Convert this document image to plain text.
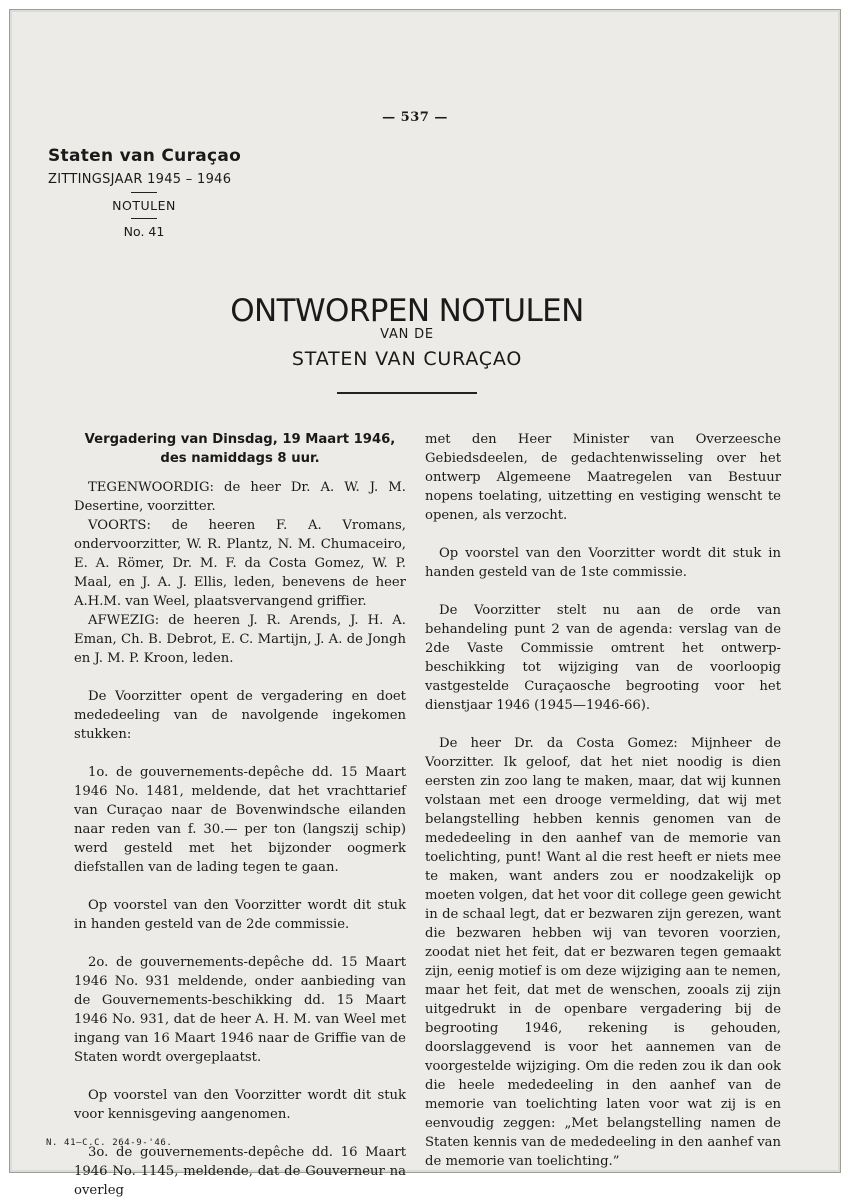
— 537 —
Staten van Curaçao
ZITTINGSJAAR 1945 – 1946
NOTULEN
No. 41
ONTWORPEN NOTULEN
VAN DE
STATEN VAN CURAÇAO
Vergadering van Dinsdag, 19 Maart 1946,
des namiddags 8 uur.

TEGENWOORDIG: de heer Dr. A. W. J. M. Desertine, voorzitter.

VOORTS: de heeren F. A. Vromans, ondervoorzitter, W. R. Plantz, N. M. Chumaceiro, E. A. Römer, Dr. M. F. da Costa Gomez, W. P. Maal, en J. A. J. Ellis, leden, benevens de heer A.H.M. van Weel, plaatsvervangend griffier.

AFWEZIG: de heeren J. R. Arends, J. H. A. Eman, Ch. B. Debrot, E. C. Martijn, J. A. de Jongh en J. M. P. Kroon, leden.

De Voorzitter opent de vergadering en doet mededeeling van de navolgende ingekomen stukken:

1o. de gouvernements-depêche dd. 15 Maart 1946 No. 1481, meldende, dat het vrachttarief van Curaçao naar de Bovenwindsche eilanden naar reden van f. 30.— per ton (langszij schip) werd gesteld met het bijzonder oogmerk diefstallen van de lading tegen te gaan.

Op voorstel van den Voorzitter wordt dit stuk in handen gesteld van de 2de commissie.

2o. de gouvernements-depêche dd. 15 Maart 1946 No. 931 meldende, onder aanbieding van de Gouvernements-beschikking dd. 15 Maart 1946 No. 931, dat de heer A. H. M. van Weel met ingang van 16 Maart 1946 naar de Griffie van de Staten wordt overgeplaatst.

Op voorstel van den Voorzitter wordt dit stuk voor kennisgeving aangenomen.

3o. de gouvernements-depêche dd. 16 Maart 1946 No. 1145, meldende, dat de Gouverneur na overleg

met den Heer Minister van Overzeesche Gebiedsdeelen, de gedachtenwisseling over het ontwerp Algemeene Maatregelen van Bestuur nopens toelating, uitzetting en vestiging wenscht te openen, als verzocht.

Op voorstel van den Voorzitter wordt dit stuk in handen gesteld van de 1ste commissie.

De Voorzitter stelt nu aan de orde van behandeling punt 2 van de agenda: verslag van de 2de Vaste Commissie omtrent het ontwerp-beschikking tot wijziging van de voorloopig vastgestelde Curaçaosche begrooting voor het dienstjaar 1946 (1945—1946-66).

De heer Dr. da Costa Gomez: Mijnheer de Voorzitter. Ik geloof, dat het niet noodig is dien eersten zin zoo lang te maken, maar, dat wij kunnen volstaan met een drooge vermelding, dat wij met belangstelling hebben kennis genomen van de mededeeling in den aanhef van de memorie van toelichting, punt! Want al die rest heeft er niets mee te maken, want anders zou er noodzakelijk op moeten volgen, dat het voor dit college geen gewicht in de schaal legt, dat er bezwaren zijn gerezen, want die bezwaren hebben wij van tevoren voorzien, zoodat niet het feit, dat er bezwaren tegen gemaakt zijn, eenig motief is om deze wijziging aan te nemen, maar het feit, dat met de wenschen, zooals zij zijn uitgedrukt in de openbare vergadering bij de begrooting 1946, rekening is gehouden, doorslaggevend is voor het aannemen van de voorgestelde wijziging. Om die reden zou ik dan ook die heele mededeeling in den aanhef van de memorie van toelichting laten voor wat zij is en eenvoudig zeggen: „Met belangstelling namen de Staten kennis van de mededeeling in den aanhef van de memorie van toelichting.”

N. 41—C.C. 264-9-'46.
